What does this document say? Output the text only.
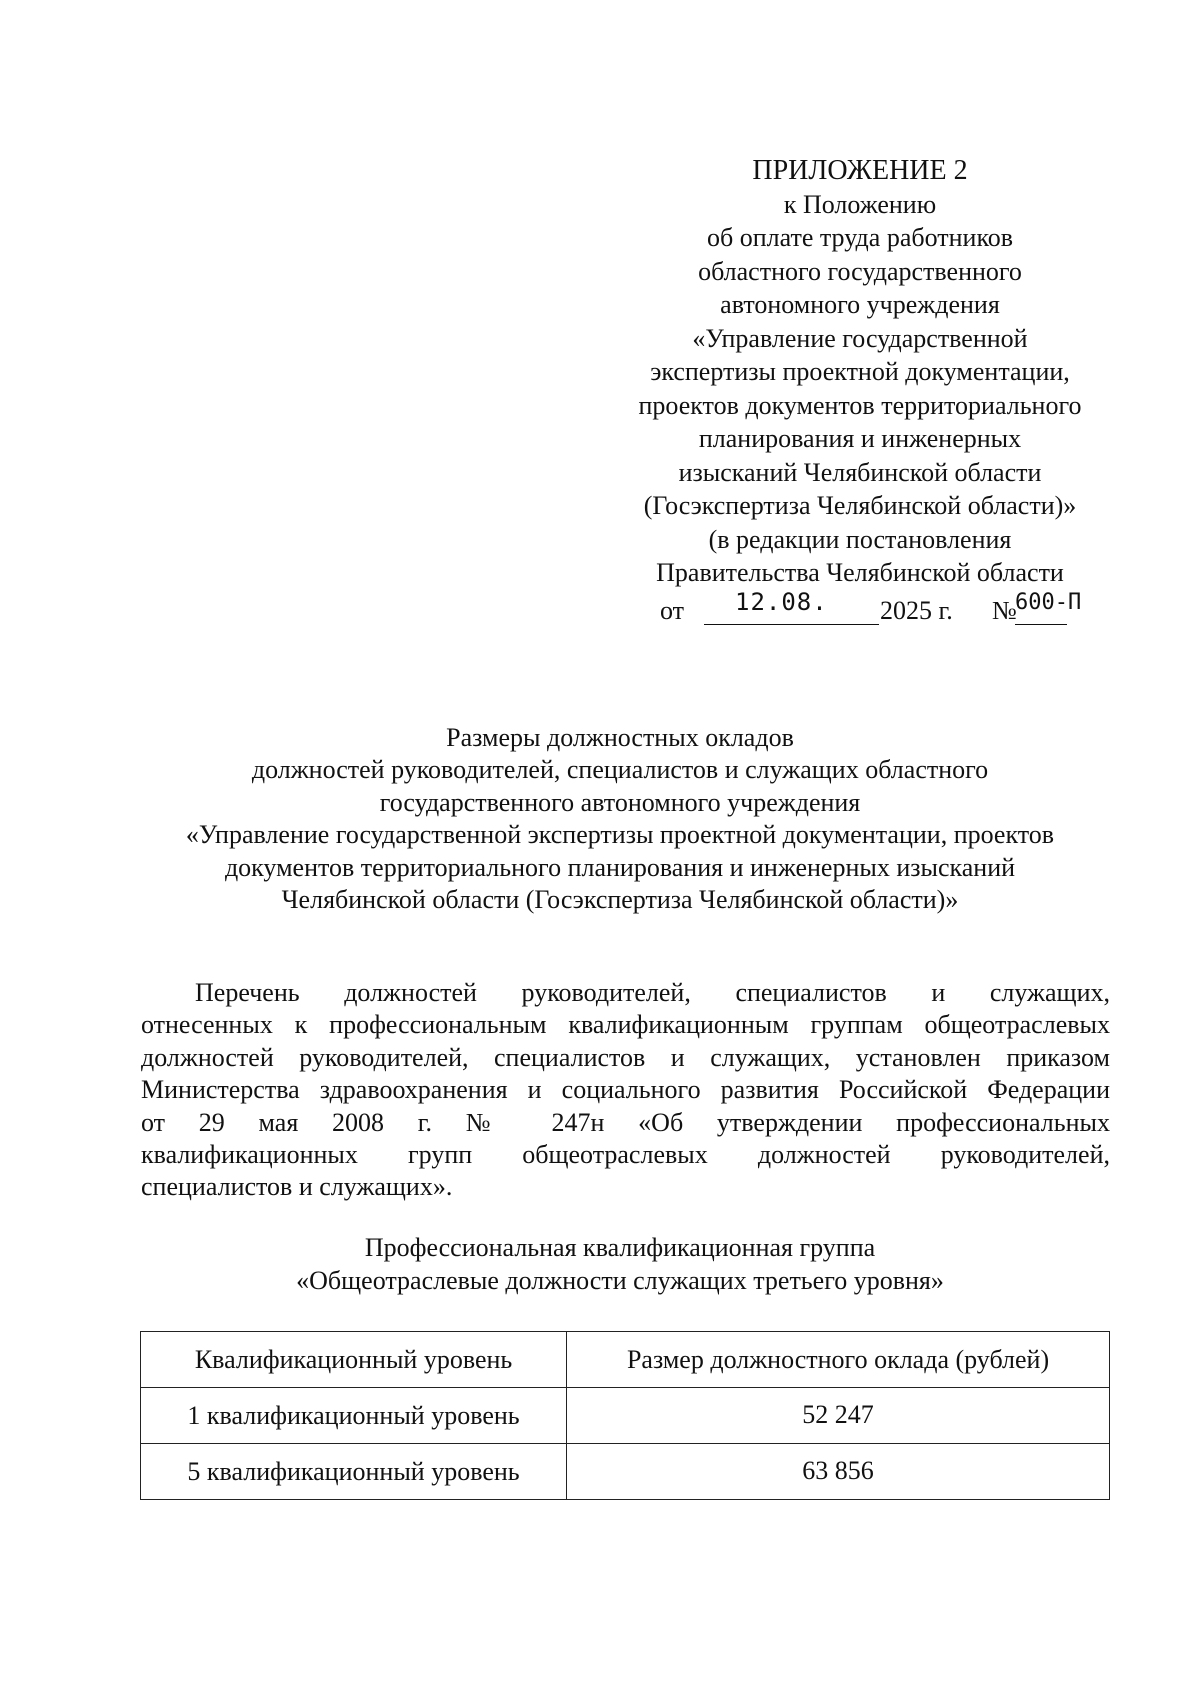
ПРИЛОЖЕНИЕ 2
к Положению
об оплате труда работников
областного государственного
автономного учреждения
«Управление государственной
экспертизы проектной документации,
проектов документов территориального
планирования и инженерных
изысканий Челябинской области
(Госэкспертиза Челябинской области)»
(в редакции постановления
Правительства Челябинской области
от 12.08. 2025 г. №
600-П
Размеры должностных окладов
должностей руководителей, специалистов и служащих областного
государственного автономного учреждения
«Управление государственной экспертизы проектной документации, проектов
документов территориального планирования и инженерных изысканий
Челябинской области (Госэкспертиза Челябинской области)»
Перечень должностей руководителей, специалистов и служащих,
отнесенных к профессиональным квалификационным группам общеотраслевых
должностей руководителей, специалистов и служащих, установлен приказом
Министерства здравоохранения и социального развития Российской Федерации
от 29 мая 2008 г. № 247н «Об утверждении профессиональных
квалификационных групп общеотраслевых должностей руководителей,
специалистов и служащих».
Профессиональная квалификационная группа
«Общеотраслевые должности служащих третьего уровня»
Квалификационный уровень	Размер должностного оклада (рублей)
1 квалификационный уровень	52 247
5 квалификационный уровень	63 856
